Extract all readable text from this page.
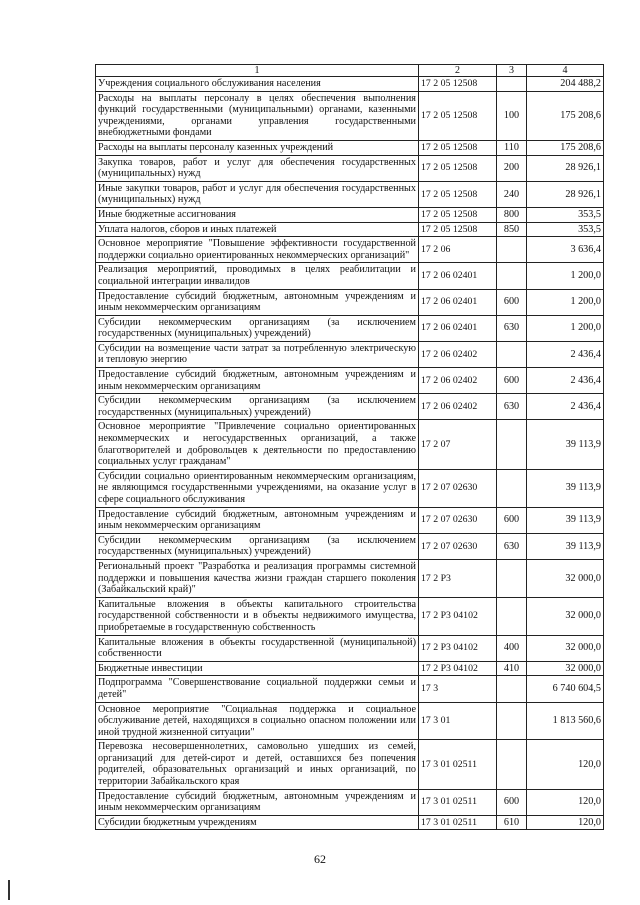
1	2	3	4
Учреждения социального обслуживания населения	17 2 05 12508		204 488,2
Расходы на выплаты персоналу в целях обеспечения выполнения функций государственными (муниципальными) органами, казенными учреждениями, органами управления государственными внебюджетными фондами	17 2 05 12508	100	175 208,6
Расходы на выплаты персоналу казенных учреждений	17 2 05 12508	110	175 208,6
Закупка товаров, работ и услуг для обеспечения государственных (муниципальных) нужд	17 2 05 12508	200	28 926,1
Иные закупки товаров, работ и услуг для обеспечения государственных (муниципальных) нужд	17 2 05 12508	240	28 926,1
Иные бюджетные ассигнования	17 2 05 12508	800	353,5
Уплата налогов, сборов и иных платежей	17 2 05 12508	850	353,5
Основное мероприятие "Повышение эффективности государственной поддержки социально ориентированных некоммерческих организаций"	17 2 06		3 636,4
Реализация мероприятий, проводимых в целях реабилитации и социальной интеграции инвалидов	17 2 06 02401		1 200,0
Предоставление субсидий бюджетным, автономным учреждениям и иным некоммерческим организациям	17 2 06 02401	600	1 200,0
Субсидии некоммерческим организациям (за исключением государственных (муниципальных) учреждений)	17 2 06 02401	630	1 200,0
Субсидии на возмещение части затрат за потребленную электрическую и тепловую энергию	17 2 06 02402		2 436,4
Предоставление субсидий бюджетным, автономным учреждениям и иным некоммерческим организациям	17 2 06 02402	600	2 436,4
Субсидии некоммерческим организациям (за исключением государственных (муниципальных) учреждений)	17 2 06 02402	630	2 436,4
Основное мероприятие "Привлечение социально ориентированных некоммерческих и негосударственных организаций, а также благотворителей и добровольцев к деятельности по предоставлению социальных услуг гражданам"	17 2 07		39 113,9
Субсидии социально ориентированным некоммерческим организациям, не являющимся государственными учреждениями, на оказание услуг в сфере социального обслуживания	17 2 07 02630		39 113,9
Предоставление субсидий бюджетным, автономным учреждениям и иным некоммерческим организациям	17 2 07 02630	600	39 113,9
Субсидии некоммерческим организациям (за исключением государственных (муниципальных) учреждений)	17 2 07 02630	630	39 113,9
Региональный проект "Разработка и реализация программы системной поддержки и повышения качества жизни граждан старшего поколения (Забайкальский край)"	17 2 P3		32 000,0
Капитальные вложения в объекты капитального строительства государственной собственности и в объекты недвижимого имущества, приобретаемые в государственную собственность	17 2 P3 04102		32 000,0
Капитальные вложения в объекты государственной (муниципальной) собственности	17 2 P3 04102	400	32 000,0
Бюджетные инвестиции	17 2 P3 04102	410	32 000,0
Подпрограмма "Совершенствование социальной поддержки семьи и детей"	17 3		6 740 604,5
Основное мероприятие "Социальная поддержка и социальное обслуживание детей, находящихся в социально опасном положении или иной трудной жизненной ситуации"	17 3 01		1 813 560,6
Перевозка несовершеннолетних, самовольно ушедших из семей, организаций для детей-сирот и детей, оставшихся без попечения родителей, образовательных организаций и иных организаций, по территории Забайкальского края	17 3 01 02511		120,0
Предоставление субсидий бюджетным, автономным учреждениям и иным некоммерческим организациям	17 3 01 02511	600	120,0
Субсидии бюджетным учреждениям	17 3 01 02511	610	120,0
62
